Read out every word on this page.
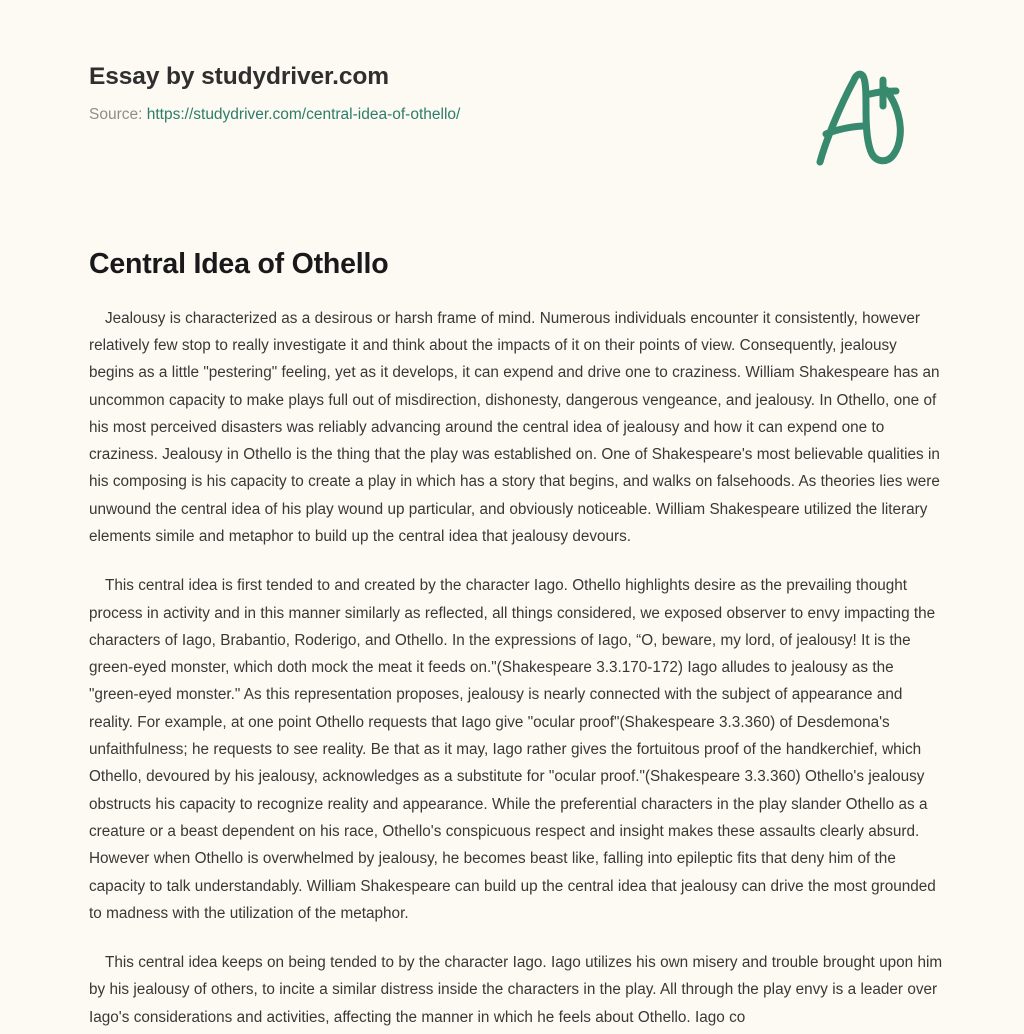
Essay by studydriver.com
Source: https://studydriver.com/central-idea-of-othello/
Central Idea of Othello

Jealousy is characterized as a desirous or harsh frame of mind. Numerous individuals encounter it consistently, however relatively few stop to really investigate it and think about the impacts of it on their points of view. Consequently, jealousy begins as a little "pestering" feeling, yet as it develops, it can expend and drive one to craziness. William Shakespeare has an uncommon capacity to make plays full out of misdirection, dishonesty, dangerous vengeance, and jealousy. In Othello, one of his most perceived disasters was reliably advancing around the central idea of jealousy and how it can expend one to craziness. Jealousy in Othello is the thing that the play was established on. One of Shakespeare's most believable qualities in his composing is his capacity to create a play in which has a story that begins, and walks on falsehoods. As theories lies were unwound the central idea of his play wound up particular, and obviously noticeable. William Shakespeare utilized the literary elements simile and metaphor to build up the central idea that jealousy devours.

This central idea is first tended to and created by the character Iago. Othello highlights desire as the prevailing thought process in activity and in this manner similarly as reflected, all things considered, we exposed observer to envy impacting the characters of Iago, Brabantio, Roderigo, and Othello. In the expressions of Iago, “O, beware, my lord, of jealousy! It is the green-eyed monster, which doth mock the meat it feeds on."(Shakespeare 3.3.170-172) Iago alludes to jealousy as the "green-eyed monster." As this representation proposes, jealousy is nearly connected with the subject of appearance and reality. For example, at one point Othello requests that Iago give "ocular proof"(Shakespeare 3.3.360) of Desdemona's unfaithfulness; he requests to see reality. Be that as it may, Iago rather gives the fortuitous proof of the handkerchief, which Othello, devoured by his jealousy, acknowledges as a substitute for "ocular proof."(Shakespeare 3.3.360) Othello's jealousy obstructs his capacity to recognize reality and appearance. While the preferential characters in the play slander Othello as a creature or a beast dependent on his race, Othello's conspicuous respect and insight makes these assaults clearly absurd. However when Othello is overwhelmed by jealousy, he becomes beast like, falling into epileptic fits that deny him of the capacity to talk understandably. William Shakespeare can build up the central idea that jealousy can drive the most grounded to madness with the utilization of the metaphor.

This central idea keeps on being tended to by the character Iago. Iago utilizes his own misery and trouble brought upon him by his jealousy of others, to incite a similar distress inside the characters in the play. All through the play envy is a leader over Iago's considerations and activities, affecting the manner in which he feels about Othello. Iago co
